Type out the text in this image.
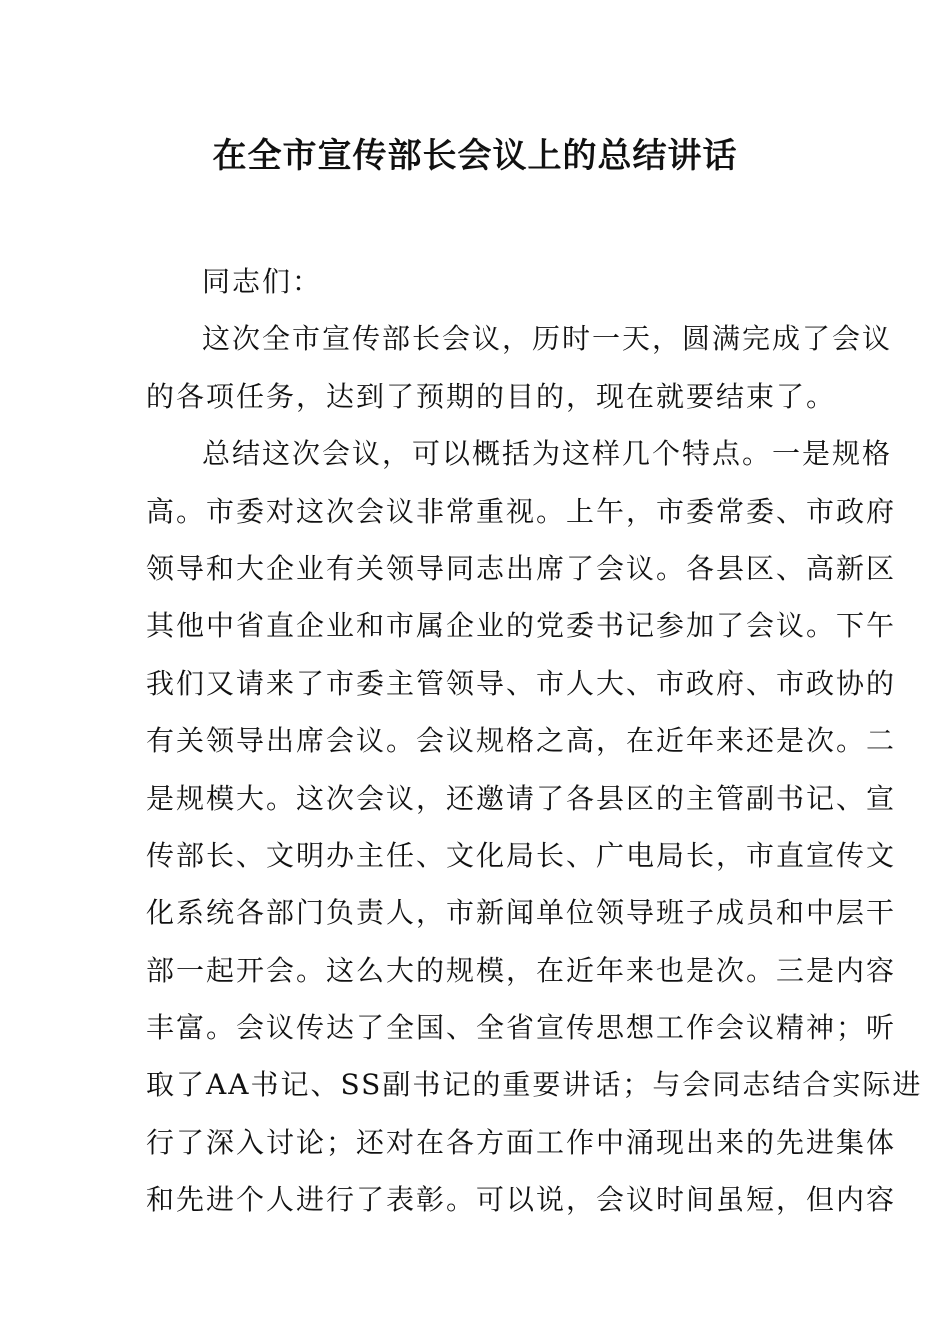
在全市宣传部长会议上的总结讲话
同志们：
这次全市宣传部长会议，历时一天，圆满完成了会议
的各项任务，达到了预期的目的，现在就要结束了。
总结这次会议，可以概括为这样几个特点。一是规格
高。市委对这次会议非常重视。上午，市委常委、市政府
领导和大企业有关领导同志出席了会议。各县区、高新区
其他中省直企业和市属企业的党委书记参加了会议。下午
我们又请来了市委主管领导、市人大、市政府、市政协的
有关领导出席会议。会议规格之高，在近年来还是次。二
是规模大。这次会议，还邀请了各县区的主管副书记、宣
传部长、文明办主任、文化局长、广电局长，市直宣传文
化系统各部门负责人，市新闻单位领导班子成员和中层干
部一起开会。这么大的规模，在近年来也是次。三是内容
丰富。会议传达了全国、全省宣传思想工作会议精神；听
取了AA书记、SS副书记的重要讲话；与会同志结合实际进
行了深入讨论；还对在各方面工作中涌现出来的先进集体
和先进个人进行了表彰。可以说，会议时间虽短，但内容
